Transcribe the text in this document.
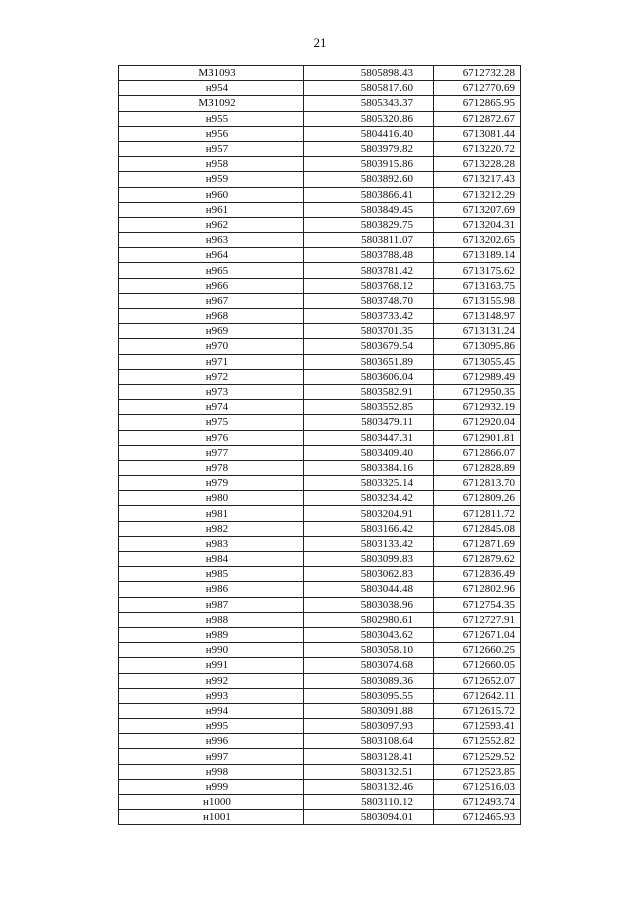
21
МЗ1093	5805898.43	6712732.28
н954	5805817.60	6712770.69
МЗ1092	5805343.37	6712865.95
н955	5805320.86	6712872.67
н956	5804416.40	6713081.44
н957	5803979.82	6713220.72
н958	5803915.86	6713228.28
н959	5803892.60	6713217.43
н960	5803866.41	6713212.29
н961	5803849.45	6713207.69
н962	5803829.75	6713204.31
н963	5803811.07	6713202.65
н964	5803788.48	6713189.14
н965	5803781.42	6713175.62
н966	5803768.12	6713163.75
н967	5803748.70	6713155.98
н968	5803733.42	6713148.97
н969	5803701.35	6713131.24
н970	5803679.54	6713095.86
н971	5803651.89	6713055.45
н972	5803606.04	6712989.49
н973	5803582.91	6712950.35
н974	5803552.85	6712932.19
н975	5803479.11	6712920.04
н976	5803447.31	6712901.81
н977	5803409.40	6712866.07
н978	5803384.16	6712828.89
н979	5803325.14	6712813.70
н980	5803234.42	6712809.26
н981	5803204.91	6712811.72
н982	5803166.42	6712845.08
н983	5803133.42	6712871.69
н984	5803099.83	6712879.62
н985	5803062.83	6712836.49
н986	5803044.48	6712802.96
н987	5803038.96	6712754.35
н988	5802980.61	6712727.91
н989	5803043.62	6712671.04
н990	5803058.10	6712660.25
н991	5803074.68	6712660.05
н992	5803089.36	6712652.07
н993	5803095.55	6712642.11
н994	5803091.88	6712615.72
н995	5803097.93	6712593.41
н996	5803108.64	6712552.82
н997	5803128.41	6712529.52
н998	5803132.51	6712523.85
н999	5803132.46	6712516.03
н1000	5803110.12	6712493.74
н1001	5803094.01	6712465.93
